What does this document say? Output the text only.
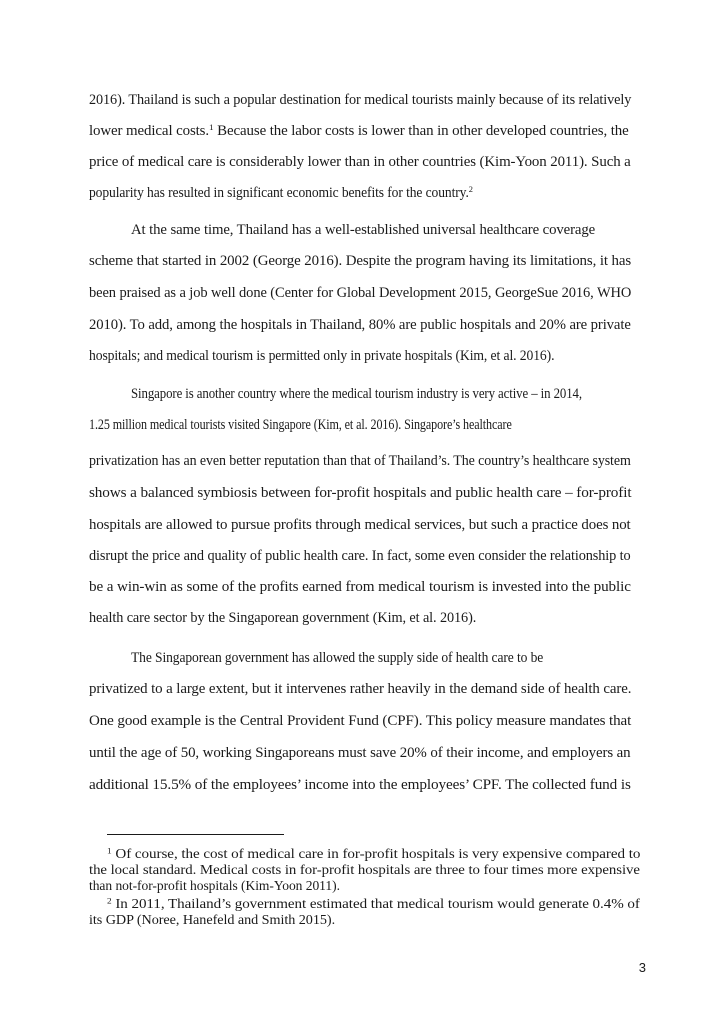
2016). Thailand is such a popular destination for medical tourists mainly because of its relatively
lower medical costs.$^1$ Because the labor costs is lower than in other developed countries, the
price of medical care is considerably lower than in other countries (Kim-Yoon 2011). Such a
popularity has resulted in significant economic benefits for the country.$^2$
At the same time, Thailand has a well-established universal healthcare coverage
scheme that started in 2002 (George 2016). Despite the program having its limitations, it has
been praised as a job well done (Center for Global Development 2015, GeorgeSue 2016, WHO
2010). To add, among the hospitals in Thailand, 80% are public hospitals and 20% are private
hospitals; and medical tourism is permitted only in private hospitals (Kim, et al. 2016).
Singapore is another country where the medical tourism industry is very active – in 2014,
1.25 million medical tourists visited Singapore (Kim, et al. 2016). Singapore’s healthcare
privatization has an even better reputation than that of Thailand’s. The country’s healthcare system
shows a balanced symbiosis between for-profit hospitals and public health care – for-profit
hospitals are allowed to pursue profits through medical services, but such a practice does not
disrupt the price and quality of public health care. In fact, some even consider the relationship to
be a win-win as some of the profits earned from medical tourism is invested into the public
health care sector by the Singaporean government (Kim, et al. 2016).
The Singaporean government has allowed the supply side of health care to be
privatized to a large extent, but it intervenes rather heavily in the demand side of health care.
One good example is the Central Provident Fund (CPF). This policy measure mandates that
until the age of 50, working Singaporeans must save 20% of their income, and employers an
additional 15.5% of the employees’ income into the employees’ CPF. The collected fund is
$^1$ Of course, the cost of medical care in for-profit hospitals is very expensive compared to
the local standard. Medical costs in for-profit hospitals are three to four times more expensive
than not-for-profit hospitals (Kim-Yoon 2011).
$^2$ In 2011, Thailand’s government estimated that medical tourism would generate 0.4% of
its GDP (Noree, Hanefeld and Smith 2015).
3
